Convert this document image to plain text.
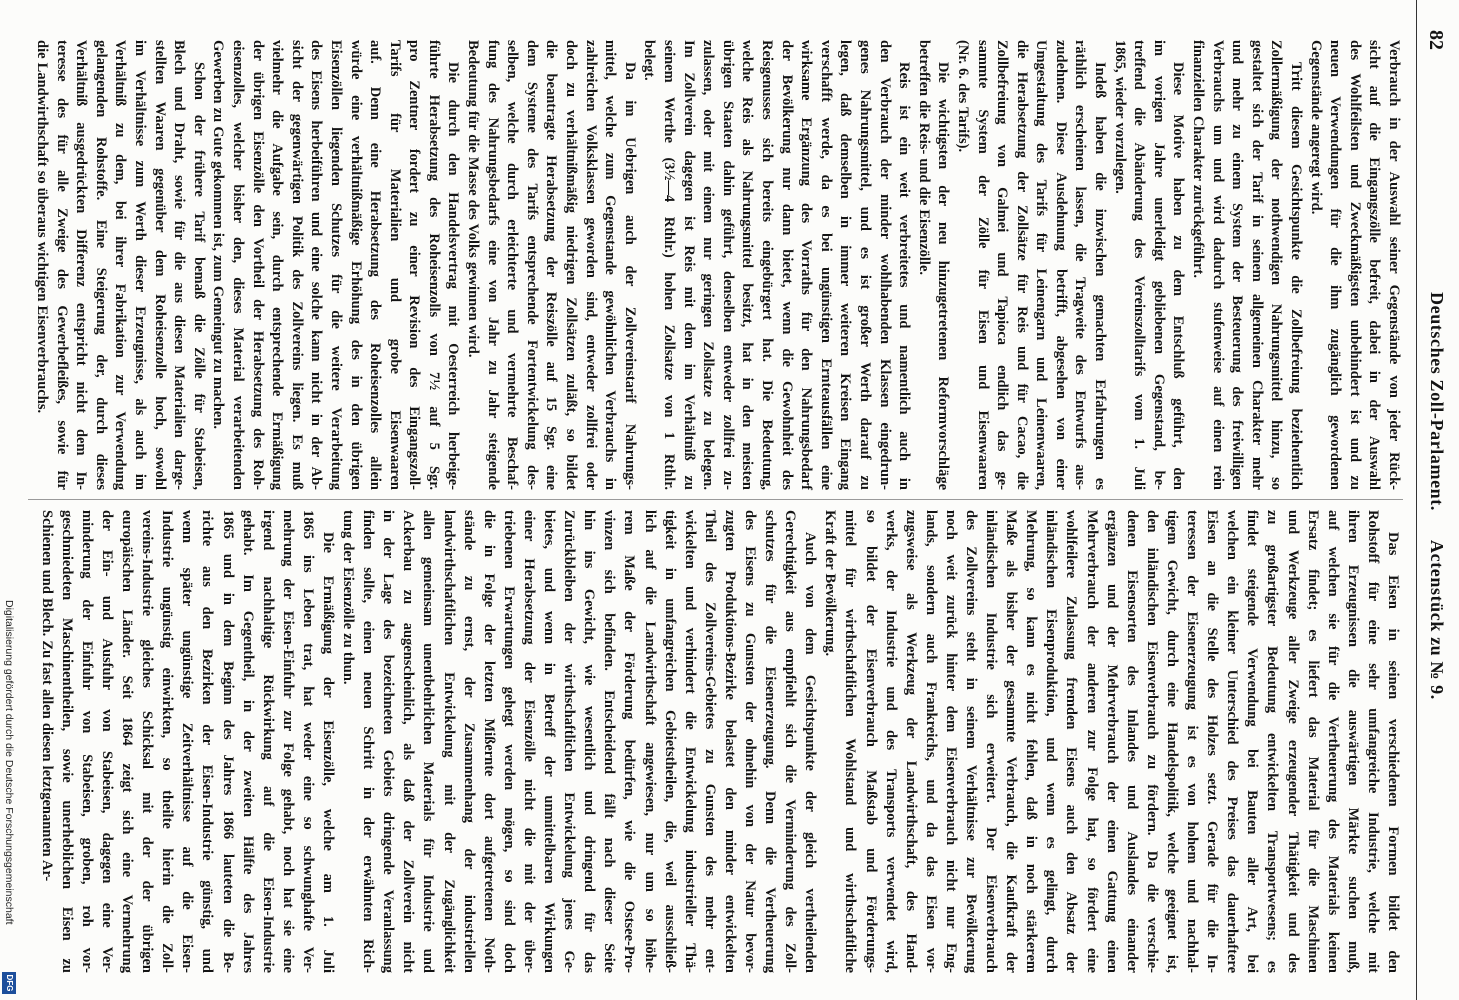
82
Deutsches Zoll-Parlament.
Actenstück zu № 9.
Verbrauch in der Auswahl seiner Gegenstände von jeder Rück-
sicht auf die Eingangszölle befreit, dabei in der Auswahl
des Wohlfeilsten und Zweckmäßigsten unbehindert ist und zu
neuen Verwendungen für die ihm zugänglich gewordenen
Gegenstände angeregt wird.
Tritt diesem Gesichtspunkte die Zollbefreiung beziehentlich
Zollermäßigung der nothwendigen Nahrungsmittel hinzu, so
gestaltet sich der Tarif in seinem allgemeinen Charakter mehr
und mehr zu einem System der Besteuerung des freiwilligen
Verbrauchs um und wird dadurch stufenweise auf einen rein
finanziellen Charakter zurückgeführt.
Diese Motive haben zu dem Entschluß geführt, den
im vorigen Jahre unerledigt gebliebenen Gegenstand, be-
treffend die Abänderung des Vereinszolltarifs vom 1. Juli
1865, wieder vorzulegen.
Indeß haben die inzwischen gemachten Erfahrungen es
räthlich erscheinen lassen, die Tragweite des Entwurfs aus-
zudehnen. Diese Ausdehnung betrifft, abgesehen von einer
Umgestaltung des Tarifs für Leinengarn und Leinenwaaren,
die Herabsetzung der Zollsätze für Reis und für Cacao, die
Zollbefreiung von Galmei und Tapioca endlich das ge-
sammte System der Zölle für Eisen und Eisenwaaren
(Nr. 6. des Tarifs).
Die wichtigsten der neu hinzugetretenen Reformvorschläge
betreffen die Reis- und die Eisenzölle.
Reis ist ein weit verbreitetes und namentlich auch in
den Verbrauch der minder wohlhabenden Klassen eingedrun-
genes Nahrungsmittel, und es ist großer Werth darauf zu
legen, daß demselben in immer weiteren Kreisen Eingang
verschafft werde, da es bei ungünstigen Ernteausfällen eine
wirksame Ergänzung des Vorraths für den Nahrungsbedarf
der Bevölkerung nur dann bietet, wenn die Gewohnheit des
Reisgenusses sich bereits eingebürgert hat. Die Bedeutung,
welche Reis als Nahrungsmittel besitzt, hat in den meisten
übrigen Staaten dahin geführt, denselben entweder zollfrei zu-
zulassen, oder mit einem nur geringen Zollsatze zu belegen.
Im Zollverein dagegen ist Reis mit dem im Verhältniß zu
seinem Werthe (3½—4 Rthlr.) hohen Zollsatze von 1 Rthlr.
belegt.
Da im Uebrigen auch der Zollvereinstarif Nahrungs-
mittel, welche zum Gegenstande gewöhnlichen Verbrauchs in
zahlreichen Volksklassen geworden sind, entweder zollfrei oder
doch zu verhältnißmäßig niedrigen Zollsätzen zuläßt, so bildet
die beantragte Herabsetzung der Reiszölle auf 15 Sgr. eine
dem Systeme des Tarifs entsprechende Fortentwickelung des-
selben, welche durch erleichterte und vermehrte Beschaf-
fung des Nahrungsbedarfs eine von Jahr zu Jahr steigende
Bedeutung für die Masse des Volks gewinnen wird.
Die durch den Handelsvertrag mit Oesterreich herbeige-
führte Herabsetzung des Roheisenzolls von 7½ auf 5 Sgr.
pro Zentner fordert zu einer Revision des Eingangszoll-
Tarifs für Materialien und grobe Eisenwaaren
auf. Denn eine Herabsetzung des Roheisenzolles allein
würde eine verhältnißmäßige Erhöhung des in den übrigen
Eisenzöllen liegenden Schutzes für die weitere Verarbeitung
des Eisens herbeiführen und eine solche kann nicht in der Ab-
sicht der gegenwärtigen Politik des Zollvereins liegen. Es muß
vielmehr die Aufgabe sein, durch entsprechende Ermäßigung
der übrigen Eisenzölle den Vortheil der Herabsetzung des Roh-
eisenzolles, welcher bisher den, dieses Material verarbeitenden
Gewerben zu Gute gekommen ist, zum Gemeingut zu machen.
Schon der frühere Tarif bemaß die Zölle für Stabeisen,
Blech und Draht, sowie für die aus diesen Materialien darge-
stellten Waaren gegenüber dem Roheisenzolle hoch, sowohl
im Verhältnisse zum Werth dieser Erzeugnisse, als auch im
Verhältniß zu dem, bei ihrer Fabrikation zur Verwendung
gelangenden Rohstoffe. Eine Steigerung der, durch dieses
Verhältniß ausgedrückten Differenz entspricht nicht dem In-
teresse des für alle Zweige des Gewerbefleißes, sowie für
die Landwirthschaft so überaus wichtigen Eisenverbrauchs.
Das Eisen in seinen verschiedenen Formen bildet den
Rohstoff für eine sehr umfangreiche Industrie, welche mit
ihren Erzeugnissen die auswärtigen Märkte suchen muß,
auf welchen sie für die Vertheuerung des Materials keinen
Ersatz findet; es liefert das Material für die Maschinen
und Werkzeuge aller Zweige erzeugender Thätigkeit und des
zu großartigster Bedeutung entwickelten Transportwesens; es
findet steigende Verwendung bei Bauten aller Art, bei
welchen ein kleiner Unterschied des Preises das dauerhaftere
Eisen an die Stelle des Holzes setzt. Gerade für die In-
teressen der Eisenerzeugung ist es von hohem und nachhal-
tigem Gewicht, durch eine Handelspolitik, welche geeignet ist,
den inländischen Eisenverbrauch zu fördern. Da die verschie-
denen Eisensorten des Inlandes und Auslandes einander
ergänzen und der Mehrverbrauch der einen Gattung einen
Mehrverbrauch der anderen zur Folge hat, so fördert eine
wohlfeilere Zulassung fremden Eisens auch den Absatz der
inländischen Eisenproduktion, und wenn es gelingt, durch
Mehrung, so kann es nicht fehlen, daß in noch stärkerem
Maße als bisher der gesammte Verbrauch, die Kaufkraft der
inländischen Industrie sich erweitert. Der Eisenverbrauch
des Zollvereins steht in seinem Verhältnisse zur Bevölkerung
noch weit zurück hinter dem Eisenverbrauch nicht nur Eng-
lands, sondern auch Frankreichs, und da das Eisen vor-
zugsweise als Werkzeug der Landwirthschaft, des Hand-
werks, der Industrie und des Transports verwendet wird,
so bildet der Eisenverbrauch Maßstab und Förderungs-
mittel für wirthschaftlichen Wohlstand und wirthschaftliche
Kraft der Bevölkerung.
Auch von dem Gesichtspunkte der gleich vertheilenden
Gerechtigkeit aus empfiehlt sich die Verminderung des Zoll-
schutzes für die Eisenerzeugung. Denn die Vertheuerung
des Eisens zu Gunsten der ohnehin von der Natur bevor-
zugten Produktions-Bezirke belastet den minder entwickelten
Theil des Zollvereins-Gebietes zu Gunsten des mehr ent-
wickelten und verhindert die Entwickelung industrieller Thä-
tigkeit in umfangreichen Gebietstheilen, die, weil ausschließ-
lich auf die Landwirthschaft angewiesen, nur um so höhe-
rem Maße der Förderung bedürfen, wie die Ostsee-Pro-
vinzen sich befinden. Entscheidend fällt nach dieser Seite
hin ins Gewicht, wie wesentlich und dringend für das
Zurückbleiben der wirthschaftlichen Entwickelung jenes Ge-
bietes, und wenn in Betreff der unmittelbaren Wirkungen
einer Herabsetzung der Eisenzölle nicht die mit der über-
triebenen Erwartungen gehegt werden mögen, so sind doch
die in Folge der letzten Mißernte dort aufgetretenen Noth-
stände zu ernst, der Zusammenhang der industriellen
landwirthschaftlichen Entwickelung mit der Zugänglichkeit
allen gemeinsam unentbehrlichen Materials für Industrie und
Ackerbau zu augenscheinlich, als daß der Zollverein nicht
in der Lage des bezeichneten Gebiets dringende Veranlassung
finden sollte, einen neuen Schritt in der erwähnten Rich-
tung der Eisenzölle zu thun.
Die Ermäßigung der Eisenzölle, welche am 1. Juli
1865 ins Leben trat, hat weder eine so schwunghafte Ver-
mehrung der Eisen-Einfuhr zur Folge gehabt, noch hat sie eine
irgend nachhaltige Rückwirkung auf die Eisen-Industrie
gehabt. Im Gegentheil, in der zweiten Hälfte des Jahres
1865 und in dem Beginn des Jahres 1866 lauteten die Be-
richte aus den Bezirken der Eisen-Industrie günstig, und
wenn später ungünstige Zeitverhältnisse auf die Eisen-
Industrie ungünstig einwirkten, so theilte hierin die Zoll-
vereins-Industrie gleiches Schicksal mit der der übrigen
europäischen Länder. Seit 1864 zeigt sich eine Vermehrung
der Ein- und Ausfuhr von Stabeisen, dagegen eine Ver-
minderung der Einfuhr von Stabeisen, groben, roh vor-
geschmiedeten Maschinentheilen, sowie unerheblichen Eisen zu
Schienen und Blech. Zu fast allen diesen letztgenannten Ar-
Digitalisierung gefördert durch die Deutsche Forschungsgemeinschaft
DFG
